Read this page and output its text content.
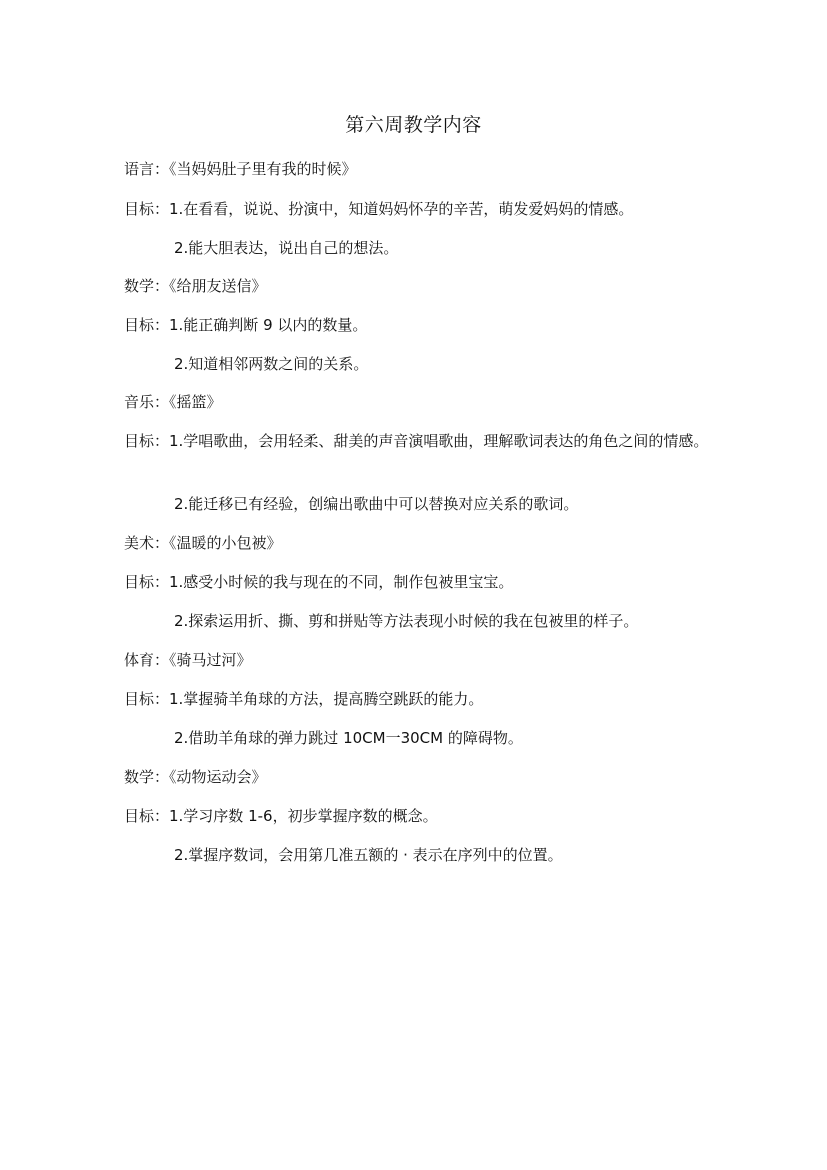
第六周教学内容
语言：《当妈妈肚子里有我的时候》
目标：1.在看看，说说、扮演中，知道妈妈怀孕的辛苦，萌发爱妈妈的情感。
2.能大胆表达，说出自己的想法。
数学：《给朋友送信》
目标：1.能正确判断 9 以内的数量。
2.知道相邻两数之间的关系。
音乐：《摇篮》
目标：1.学唱歌曲，会用轻柔、甜美的声音演唱歌曲，理解歌词表达的角色之间的情感。
2.能迁移已有经验，创编出歌曲中可以替换对应关系的歌词。
美术：《温暖的小包被》
目标：1.感受小时候的我与现在的不同，制作包被里宝宝。
2.探索运用折、撕、剪和拼贴等方法表现小时候的我在包被里的样子。
体育：《骑马过河》
目标：1.掌握骑羊角球的方法，提高腾空跳跃的能力。
2.借助羊角球的弹力跳过 10CM一30CM 的障碍物。
数学：《动物运动会》
目标：1.学习序数 1-6，初步掌握序数的概念。
2.掌握序数词，会用第几准五额的 · 表示在序列中的位置。
